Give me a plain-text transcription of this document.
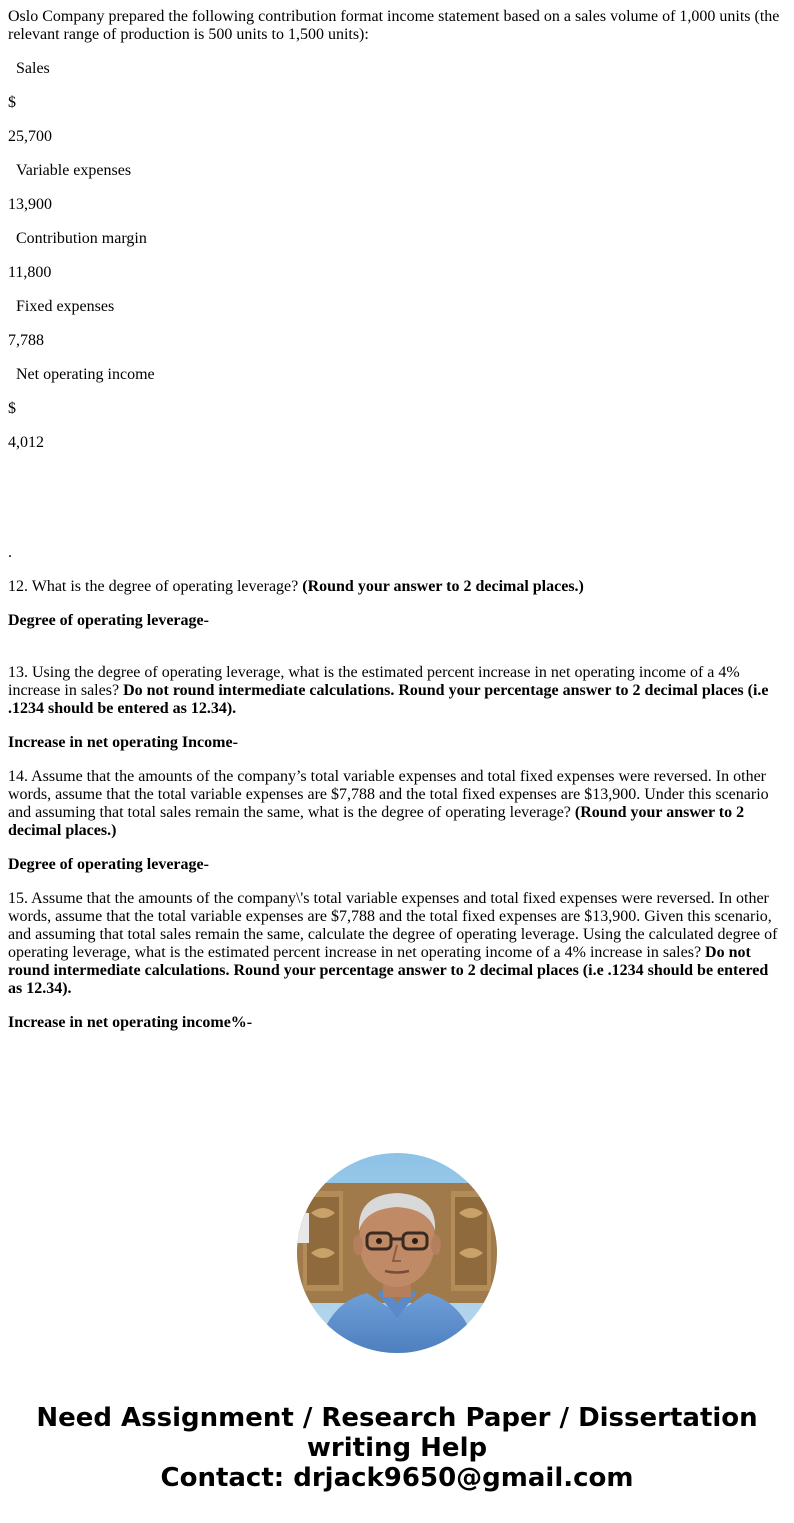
Oslo Company prepared the following contribution format income statement based on a sales volume of 1,000 units (the relevant range of production is 500 units to 1,500 units):

Sales

$

25,700

Variable expenses

13,900

Contribution margin

11,800

Fixed expenses

7,788

Net operating income

$

4,012

.

12. What is the degree of operating leverage? (Round your answer to 2 decimal places.)

Degree of operating leverage-

13. Using the degree of operating leverage, what is the estimated percent increase in net operating income of a 4% increase in sales? Do not round intermediate calculations. Round your percentage answer to 2 decimal places (i.e .1234 should be entered as 12.34).

Increase in net operating Income-

14. Assume that the amounts of the company’s total variable expenses and total fixed expenses were reversed. In other words, assume that the total variable expenses are $7,788 and the total fixed expenses are $13,900. Under this scenario and assuming that total sales remain the same, what is the degree of operating leverage? (Round your answer to 2 decimal places.)

Degree of operating leverage-

15. Assume that the amounts of the company\'s total variable expenses and total fixed expenses were reversed. In other words, assume that the total variable expenses are $7,788 and the total fixed expenses are $13,900. Given this scenario, and assuming that total sales remain the same, calculate the degree of operating leverage. Using the calculated degree of operating leverage, what is the estimated percent increase in net operating income of a 4% increase in sales? Do not round intermediate calculations. Round your percentage answer to 2 decimal places (i.e .1234 should be entered as 12.34).

Increase in net operating income%-

Need Assignment / Research Paper / Dissertation
writing Help
Contact: drjack9650@gmail.com
